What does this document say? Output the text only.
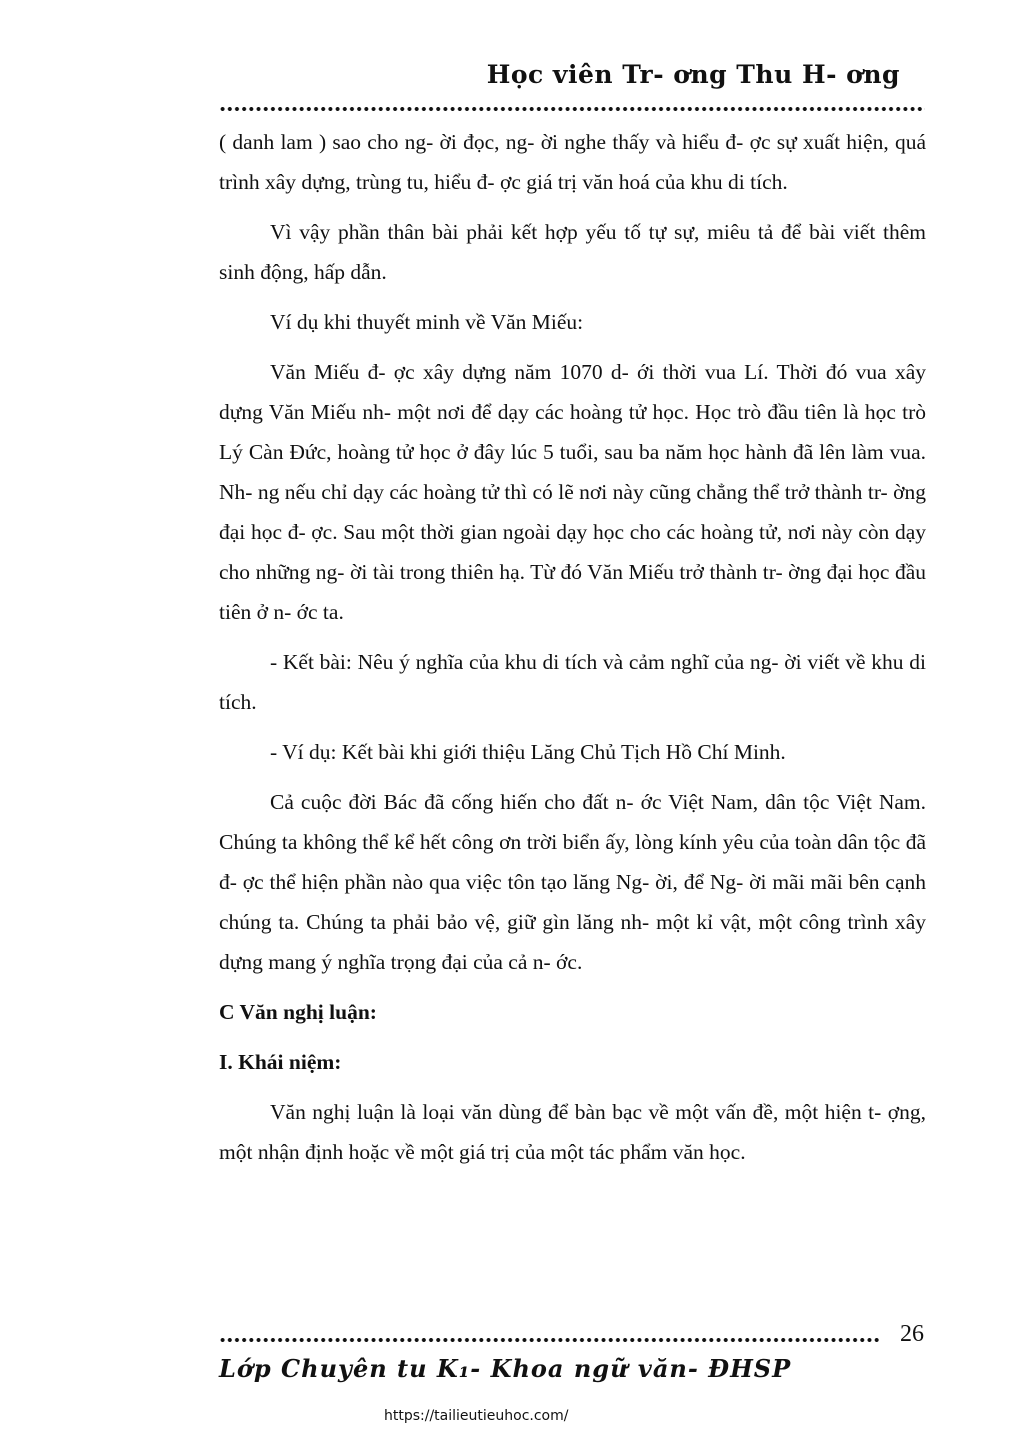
Học viên Tr- ơng Thu H- ơng

( danh lam ) sao cho ng- ời đọc, ng- ời nghe thấy và hiểu đ- ợc sự xuất hiện, quá trình xây dựng, trùng tu, hiểu đ- ợc giá trị văn hoá của khu di tích.

Vì vậy phần thân bài phải kết hợp yếu tố tự sự, miêu tả để bài viết thêm sinh động, hấp dẫn.

Ví dụ khi thuyết minh về Văn Miếu:

Văn Miếu đ- ợc xây dựng năm 1070 d- ới thời vua Lí. Thời đó vua xây dựng Văn Miếu nh- một nơi để dạy các hoàng tử học. Học trò đầu tiên là học trò Lý Càn Đức, hoàng tử học ở đây lúc 5 tuổi, sau ba năm học hành đã lên làm vua. Nh- ng nếu chỉ dạy các hoàng tử thì có lẽ nơi này cũng chẳng thể trở thành tr- ờng đại học đ- ợc. Sau một thời gian ngoài dạy học cho các hoàng tử, nơi này còn dạy cho những ng- ời tài trong thiên hạ. Từ đó Văn Miếu trở thành tr- ờng đại học đầu tiên ở n- ớc ta.

- Kết bài: Nêu ý nghĩa của khu di tích và cảm nghĩ của ng- ời viết về khu di tích.

- Ví dụ: Kết bài khi giới thiệu Lăng Chủ Tịch Hồ Chí Minh.

Cả cuộc đời Bác đã cống hiến cho đất n- ớc Việt Nam, dân tộc Việt Nam. Chúng ta không thể kể hết công ơn trời biển ấy, lòng kính yêu của toàn dân tộc đã đ- ợc thể hiện phần nào qua việc tôn tạo lăng Ng- ời, để Ng- ời mãi mãi bên cạnh chúng ta. Chúng ta phải bảo vệ, giữ gìn lăng nh- một kỉ vật, một công trình xây dựng mang ý nghĩa trọng đại của cả n- ớc.

C Văn nghị luận:

I. Khái niệm:

Văn nghị luận là loại văn dùng để bàn bạc về một vấn đề, một hiện t- ợng, một nhận định hoặc về một giá trị của một tác phẩm văn học.

26
Lớp Chuyên tu K₁- Khoa ngữ văn- ĐHSP
https://tailieutieuhoc.com/
